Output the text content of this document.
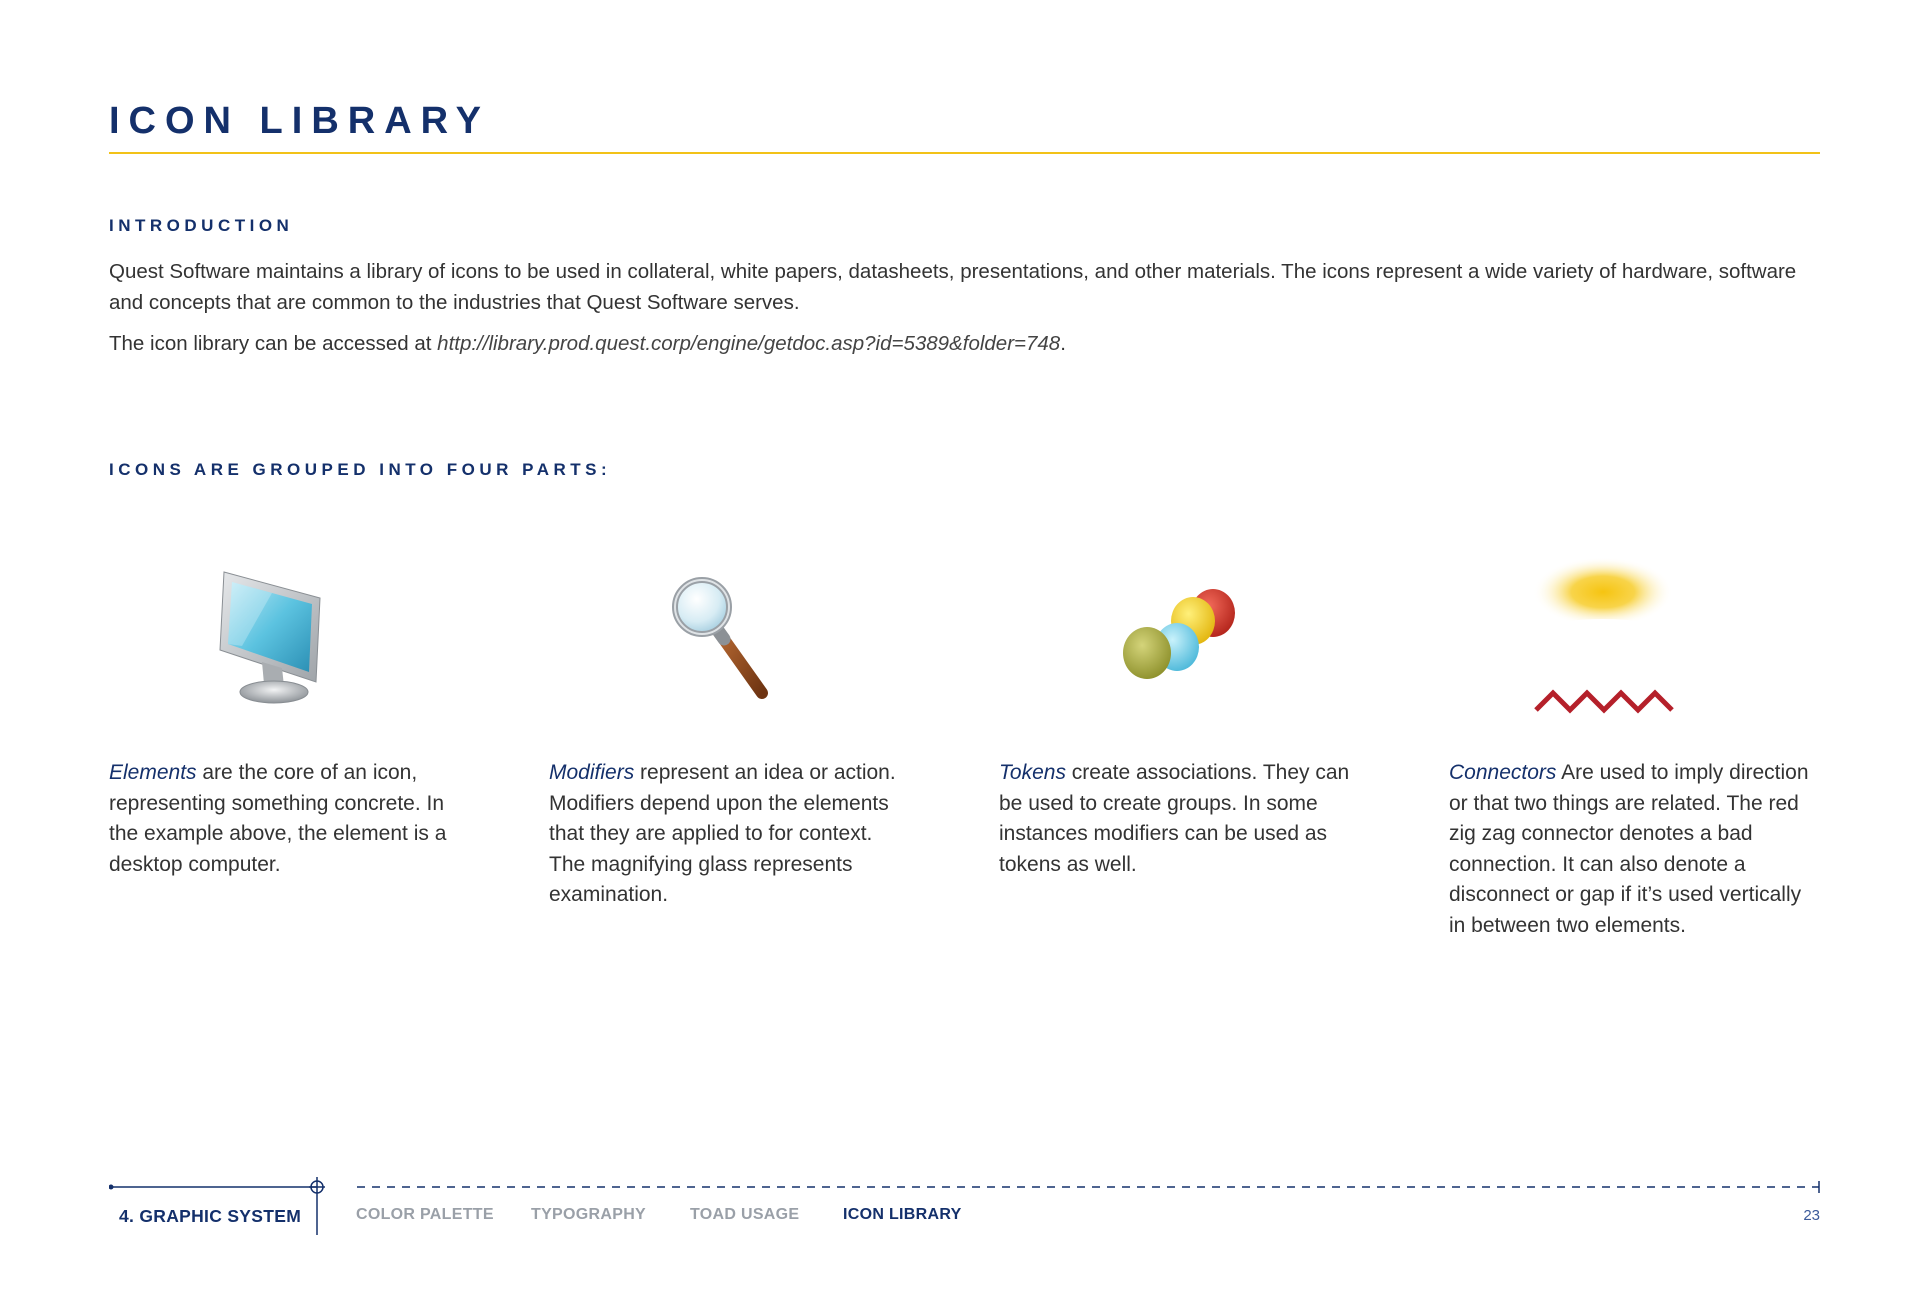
ICON LIBRARY
INTRODUCTION

Quest Software maintains a library of icons to be used in collateral, white papers, datasheets, presentations, and other materials. The icons represent a wide variety of hardware, software and concepts that are common to the industries that Quest Software serves.

The icon library can be accessed at http://library.prod.quest.corp/engine/getdoc.asp?id=5389&folder=748.

ICONS ARE GROUPED INTO FOUR PARTS:

Elements are the core of an icon, representing something concrete. In the example above, the element is a desktop computer.

Modifiers represent an idea or action. Modifiers depend upon the elements that they are applied to for context. The magnifying glass represents examination.

Tokens create associations. They can be used to create groups. In some instances modifiers can be used as tokens as well.

Connectors Are used to imply direction or that two things are related. The red zig zag connector denotes a bad connection. It can also denote a disconnect or gap if it’s used vertically in between two elements.

4. GRAPHIC SYSTEM	COLOR PALETTE TYPOGRAPHY	TOAD USAGE	ICON LIBRARY	23
